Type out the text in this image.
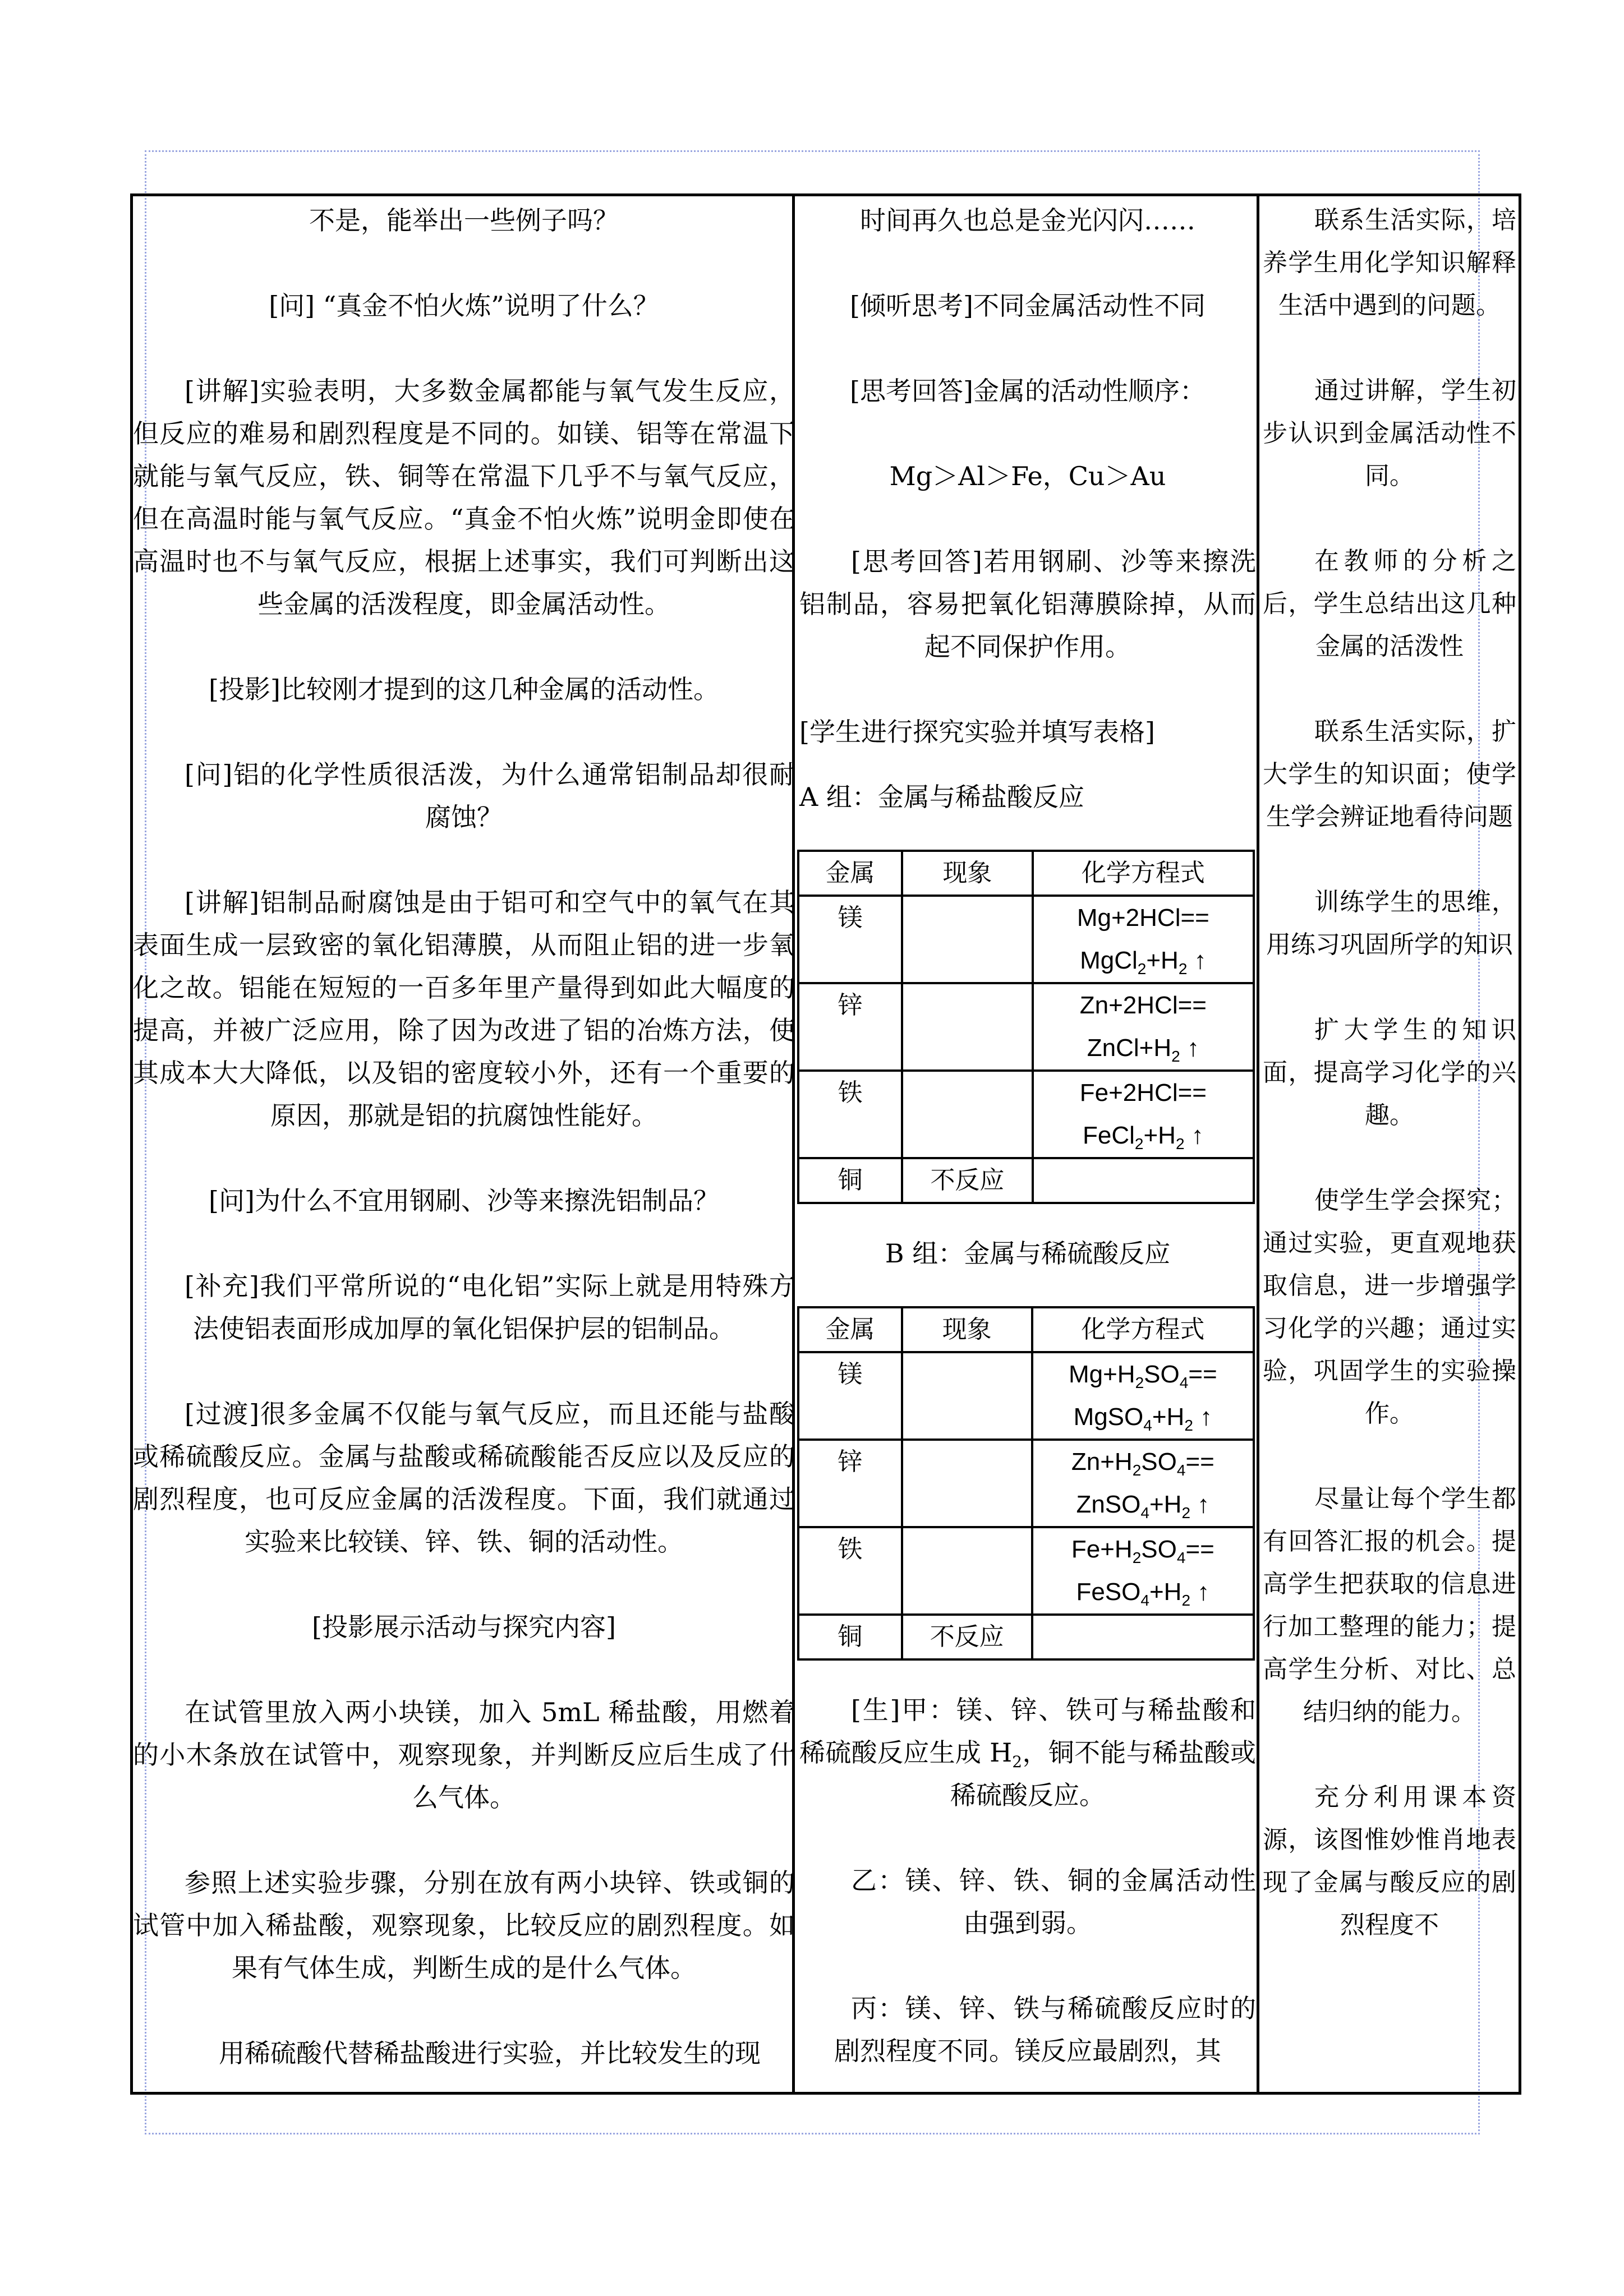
不是，能举出一些例子吗？

[问] “真金不怕火炼”说明了什么？

[讲解]实验表明，大多数金属都能与氧气发生反应，但反应的难易和剧烈程度是不同的。如镁、铝等在常温下就能与氧气反应，铁、铜等在常温下几乎不与氧气反应，但在高温时能与氧气反应。“真金不怕火炼”说明金即使在高温时也不与氧气反应，根据上述事实，我们可判断出这些金属的活泼程度，即金属活动性。

[投影]比较刚才提到的这几种金属的活动性。

[问]铝的化学性质很活泼，为什么通常铝制品却很耐腐蚀？

[讲解]铝制品耐腐蚀是由于铝可和空气中的氧气在其表面生成一层致密的氧化铝薄膜，从而阻止铝的进一步氧化之故。铝能在短短的一百多年里产量得到如此大幅度的提高，并被广泛应用，除了因为改进了铝的冶炼方法，使其成本大大降低，以及铝的密度较小外，还有一个重要的原因，那就是铝的抗腐蚀性能好。

[问]为什么不宜用钢刷、沙等来擦洗铝制品？

[补充]我们平常所说的“电化铝”实际上就是用特殊方法使铝表面形成加厚的氧化铝保护层的铝制品。

[过渡]很多金属不仅能与氧气反应，而且还能与盐酸或稀硫酸反应。金属与盐酸或稀硫酸能否反应以及反应的剧烈程度，也可反应金属的活泼程度。下面，我们就通过实验来比较镁、锌、铁、铜的活动性。

[投影展示活动与探究内容]

在试管里放入两小块镁，加入 5mL 稀盐酸，用燃着的小木条放在试管中，观察现象，并判断反应后生成了什么气体。

参照上述实验步骤，分别在放有两小块锌、铁或铜的试管中加入稀盐酸，观察现象，比较反应的剧烈程度。如果有气体生成，判断生成的是什么气体。

用稀硫酸代替稀盐酸进行实验，并比较发生的现

时间再久也总是金光闪闪……

[倾听思考]不同金属活动性不同

[思考回答]金属的活动性顺序：

Mg＞Al＞Fe，Cu＞Au

[思考回答]若用钢刷、沙等来擦洗铝制品，容易把氧化铝薄膜除掉，从而起不同保护作用。

[学生进行探究实验并填写表格]

A 组：金属与稀盐酸反应

金属	现象	化学方程式
镁		Mg+2HCl==
$MgCl_2+H_2$ ↑
锌		Zn+2HCl==
$ZnCl+H_2$ ↑
铁		Fe+2HCl==
$FeCl_2+H_2$ ↑
铜	不反应	

B 组：金属与稀硫酸反应

金属	现象	化学方程式
镁		$Mg+H_2SO_4==$
$MgSO_4+H_2$ ↑
锌		$Zn+H_2SO_4==$
$ZnSO_4+H_2$ ↑
铁		$Fe+H_2SO_4==$
$FeSO_4+H_2$ ↑
铜	不反应	

[生]甲：镁、锌、铁可与稀盐酸和稀硫酸反应生成 $H_2$，铜不能与稀盐酸或稀硫酸反应。

乙：镁、锌、铁、铜的金属活动性由强到弱。

丙：镁、锌、铁与稀硫酸反应时的剧烈程度不同。镁反应最剧烈，其

联系生活实际，培养学生用化学知识解释生活中遇到的问题。

通过讲解，学生初步认识到金属活动性不同。

在教师的分析之后，学生总结出这几种金属的活泼性

联系生活实际，扩大学生的知识面；使学生学会辨证地看待问题

训练学生的思维，用练习巩固所学的知识

扩大学生的知识面，提高学习化学的兴趣。

使学生学会探究；通过实验，更直观地获取信息，进一步增强学习化学的兴趣；通过实验，巩固学生的实验操作。

尽量让每个学生都有回答汇报的机会。提高学生把获取的信息进行加工整理的能力；提高学生分析、对比、总结归纳的能力。

充分利用课本资源，该图惟妙惟肖地表现了金属与酸反应的剧烈程度不
